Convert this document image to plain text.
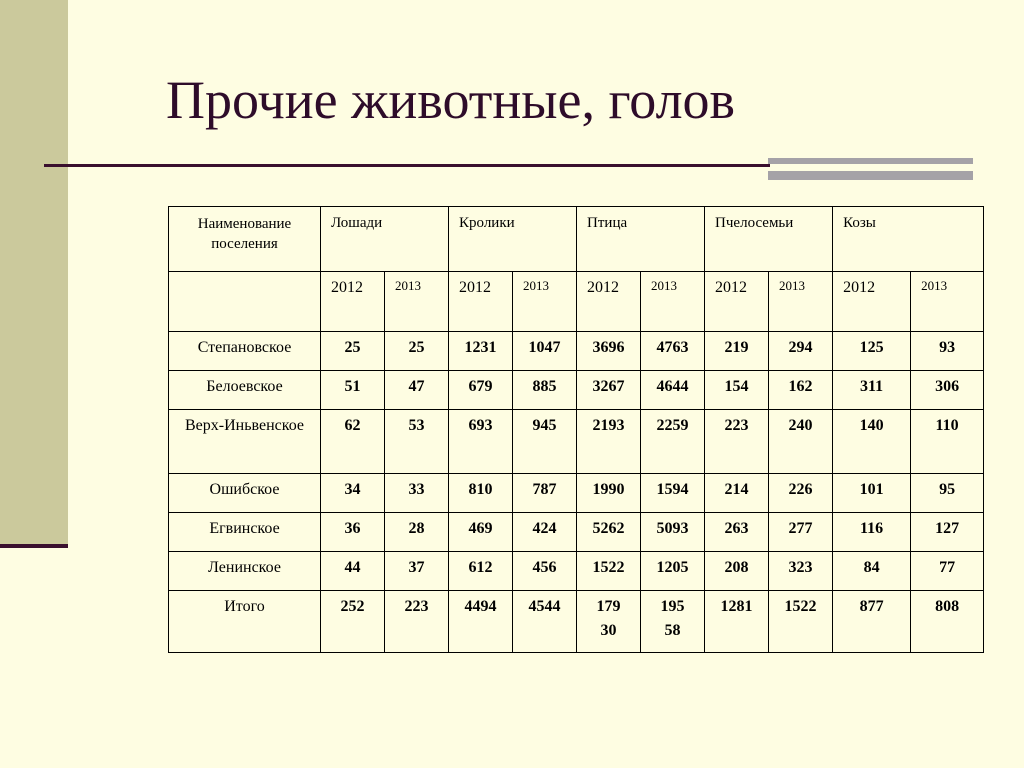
Прочие животные, голов
Наименование поселения	Лошади		Кролики		Птица		Пчелосемьи		Козы	
	2012	2013	2012	2013	2012	2013	2012	2013	2012	2013
Степановское	25	25	1231	1047	3696	4763	219	294	125	93
Белоевское	51	47	679	885	3267	4644	154	162	311	306
Верх-Иньвенское	62	53	693	945	2193	2259	223	240	140	110
Ошибское	34	33	810	787	1990	1594	214	226	101	95
Егвинское	36	28	469	424	5262	5093	263	277	116	127
Ленинское	44	37	612	456	1522	1205	208	323	84	77
Итого	252	223	4494	4544	17930	19558	1281	1522	877	808
